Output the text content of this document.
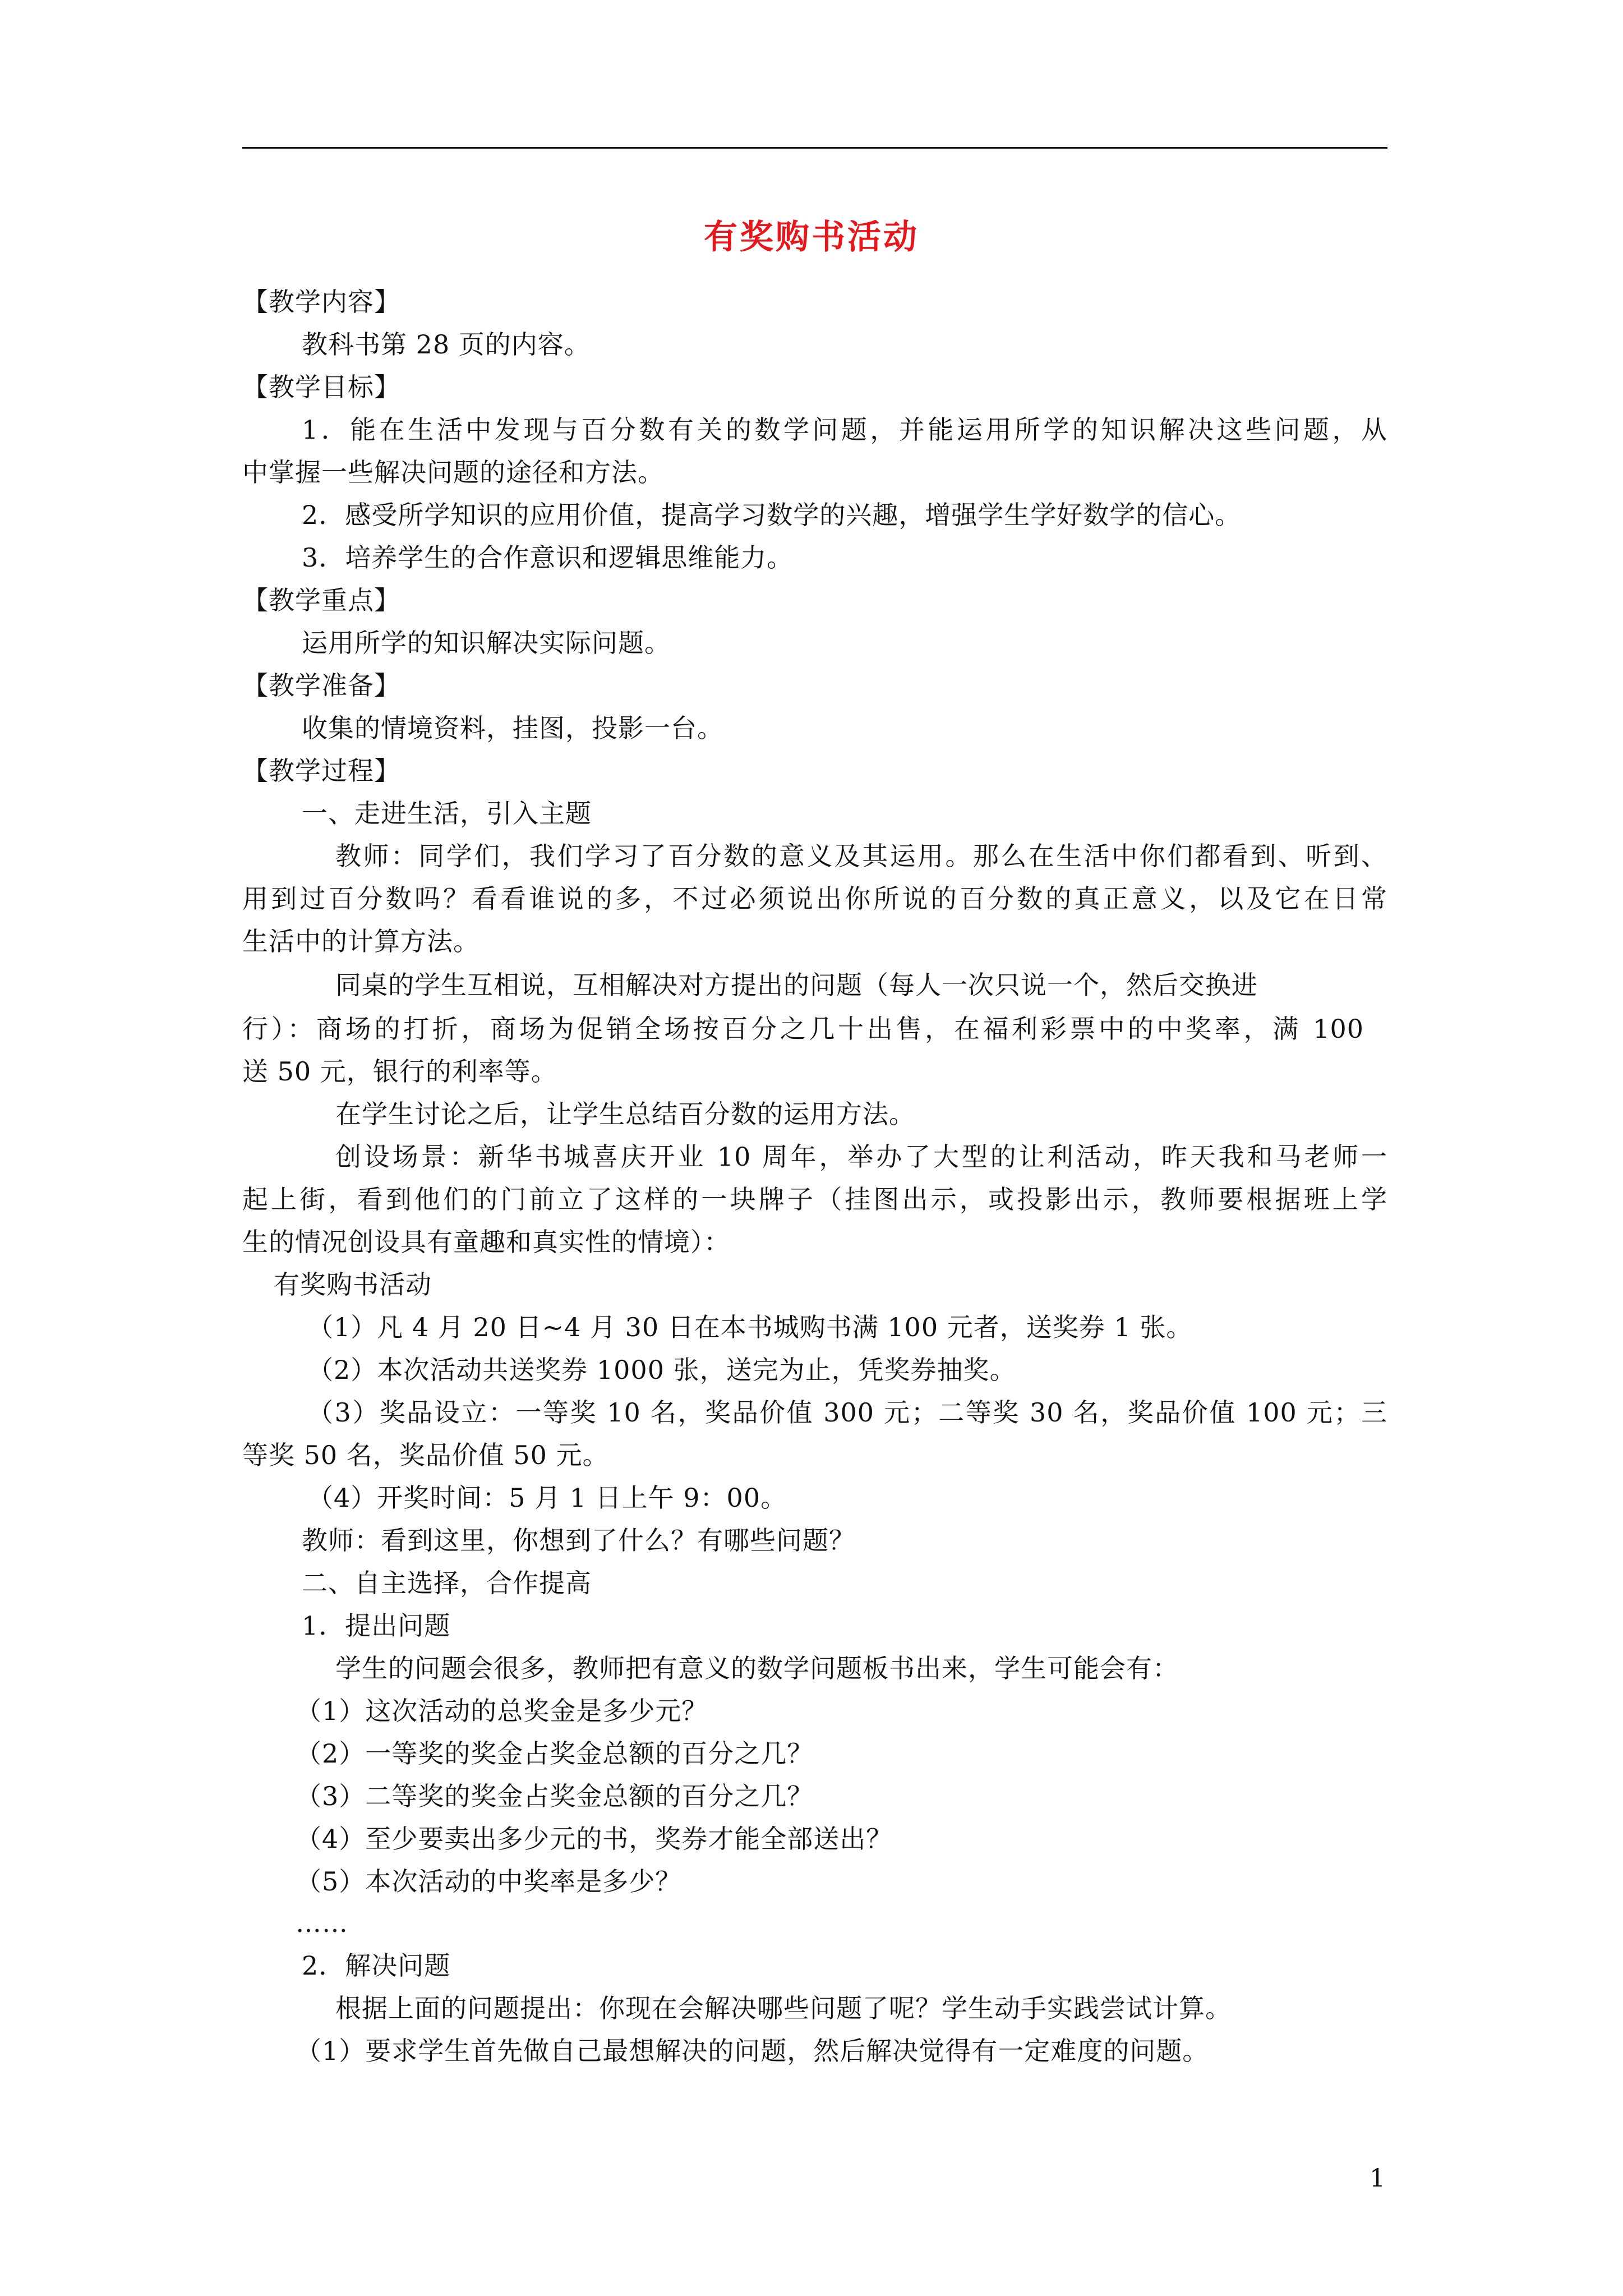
有奖购书活动
【教学内容】
教科书第 28 页的内容。
【教学目标】
1．能在生活中发现与百分数有关的数学问题，并能运用所学的知识解决这些问题，从
中掌握一些解决问题的途径和方法。
2．感受所学知识的应用价值，提高学习数学的兴趣，增强学生学好数学的信心。
3．培养学生的合作意识和逻辑思维能力。
【教学重点】
运用所学的知识解决实际问题。
【教学准备】
收集的情境资料，挂图，投影一台。
【教学过程】
一、走进生活，引入主题
教师：同学们，我们学习了百分数的意义及其运用。那么在生活中你们都看到、听到、
用到过百分数吗？看看谁说的多，不过必须说出你所说的百分数的真正意义，以及它在日常
生活中的计算方法。
同桌的学生互相说，互相解决对方提出的问题（每人一次只说一个，然后交换进
行）：商场的打折，商场为促销全场按百分之几十出售，在福利彩票中的中奖率，满 100
送 50 元，银行的利率等。
在学生讨论之后，让学生总结百分数的运用方法。
创设场景：新华书城喜庆开业 10 周年，举办了大型的让利活动，昨天我和马老师一
起上街，看到他们的门前立了这样的一块牌子（挂图出示，或投影出示，教师要根据班上学
生的情况创设具有童趣和真实性的情境）：
有奖购书活动
（1）凡 4 月 20 日~4 月 30 日在本书城购书满 100 元者，送奖券 1 张。
（2）本次活动共送奖券 1000 张，送完为止，凭奖券抽奖。
（3）奖品设立：一等奖 10 名，奖品价值 300 元；二等奖 30 名，奖品价值 100 元；三
等奖 50 名，奖品价值 50 元。
（4）开奖时间：5 月 1 日上午 9：00。
教师：看到这里，你想到了什么？有哪些问题？
二、自主选择，合作提高
1．提出问题
学生的问题会很多，教师把有意义的数学问题板书出来，学生可能会有：
（1）这次活动的总奖金是多少元？
（2）一等奖的奖金占奖金总额的百分之几？
（3）二等奖的奖金占奖金总额的百分之几？
（4）至少要卖出多少元的书，奖券才能全部送出？
（5）本次活动的中奖率是多少？
……
2．解决问题
根据上面的问题提出：你现在会解决哪些问题了呢？学生动手实践尝试计算。
（1）要求学生首先做自己最想解决的问题，然后解决觉得有一定难度的问题。
1
